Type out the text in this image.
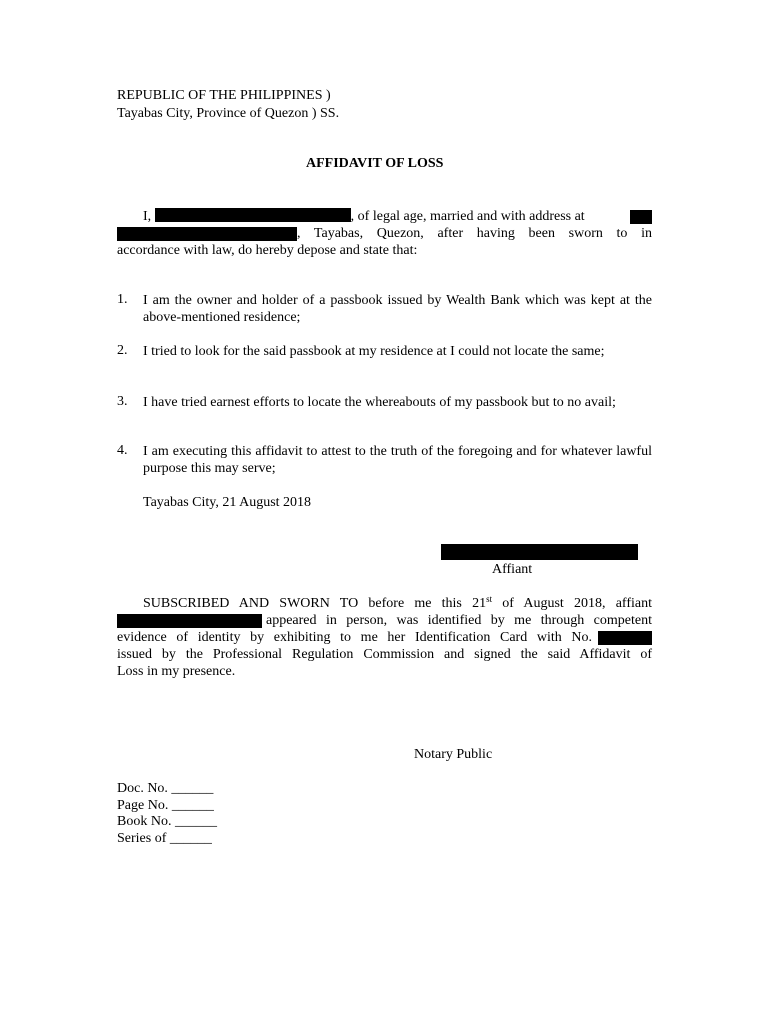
REPUBLIC OF THE PHILIPPINES )
Tayabas City, Province of Quezon ) SS.
AFFIDAVIT OF LOSS
I,	, of legal age, married and with address at
, Tayabas, Quezon, after having been sworn to in
accordance with law, do hereby depose and state that:
1. I am the owner and holder of a passbook issued by Wealth Bank which was kept at the above-mentioned residence;
2. I tried to look for the said passbook at my residence at I could not locate the same;
3. I have tried earnest efforts to locate the whereabouts of my passbook but to no avail;
4. I am executing this affidavit to attest to the truth of the foregoing and for whatever lawful purpose this may serve;
Tayabas City, 21 August 2018
Affiant
SUBSCRIBED AND SWORN TO before me this 21st of August 2018, affiant
appeared in person, was identified by me through competent
evidence of identity by exhibiting to me her Identification Card with No.
issued by the Professional Regulation Commission and signed the said Affidavit of
Loss in my presence.
Notary Public
Doc. No. ______
Page No. ______
Book No. ______
Series of ______
